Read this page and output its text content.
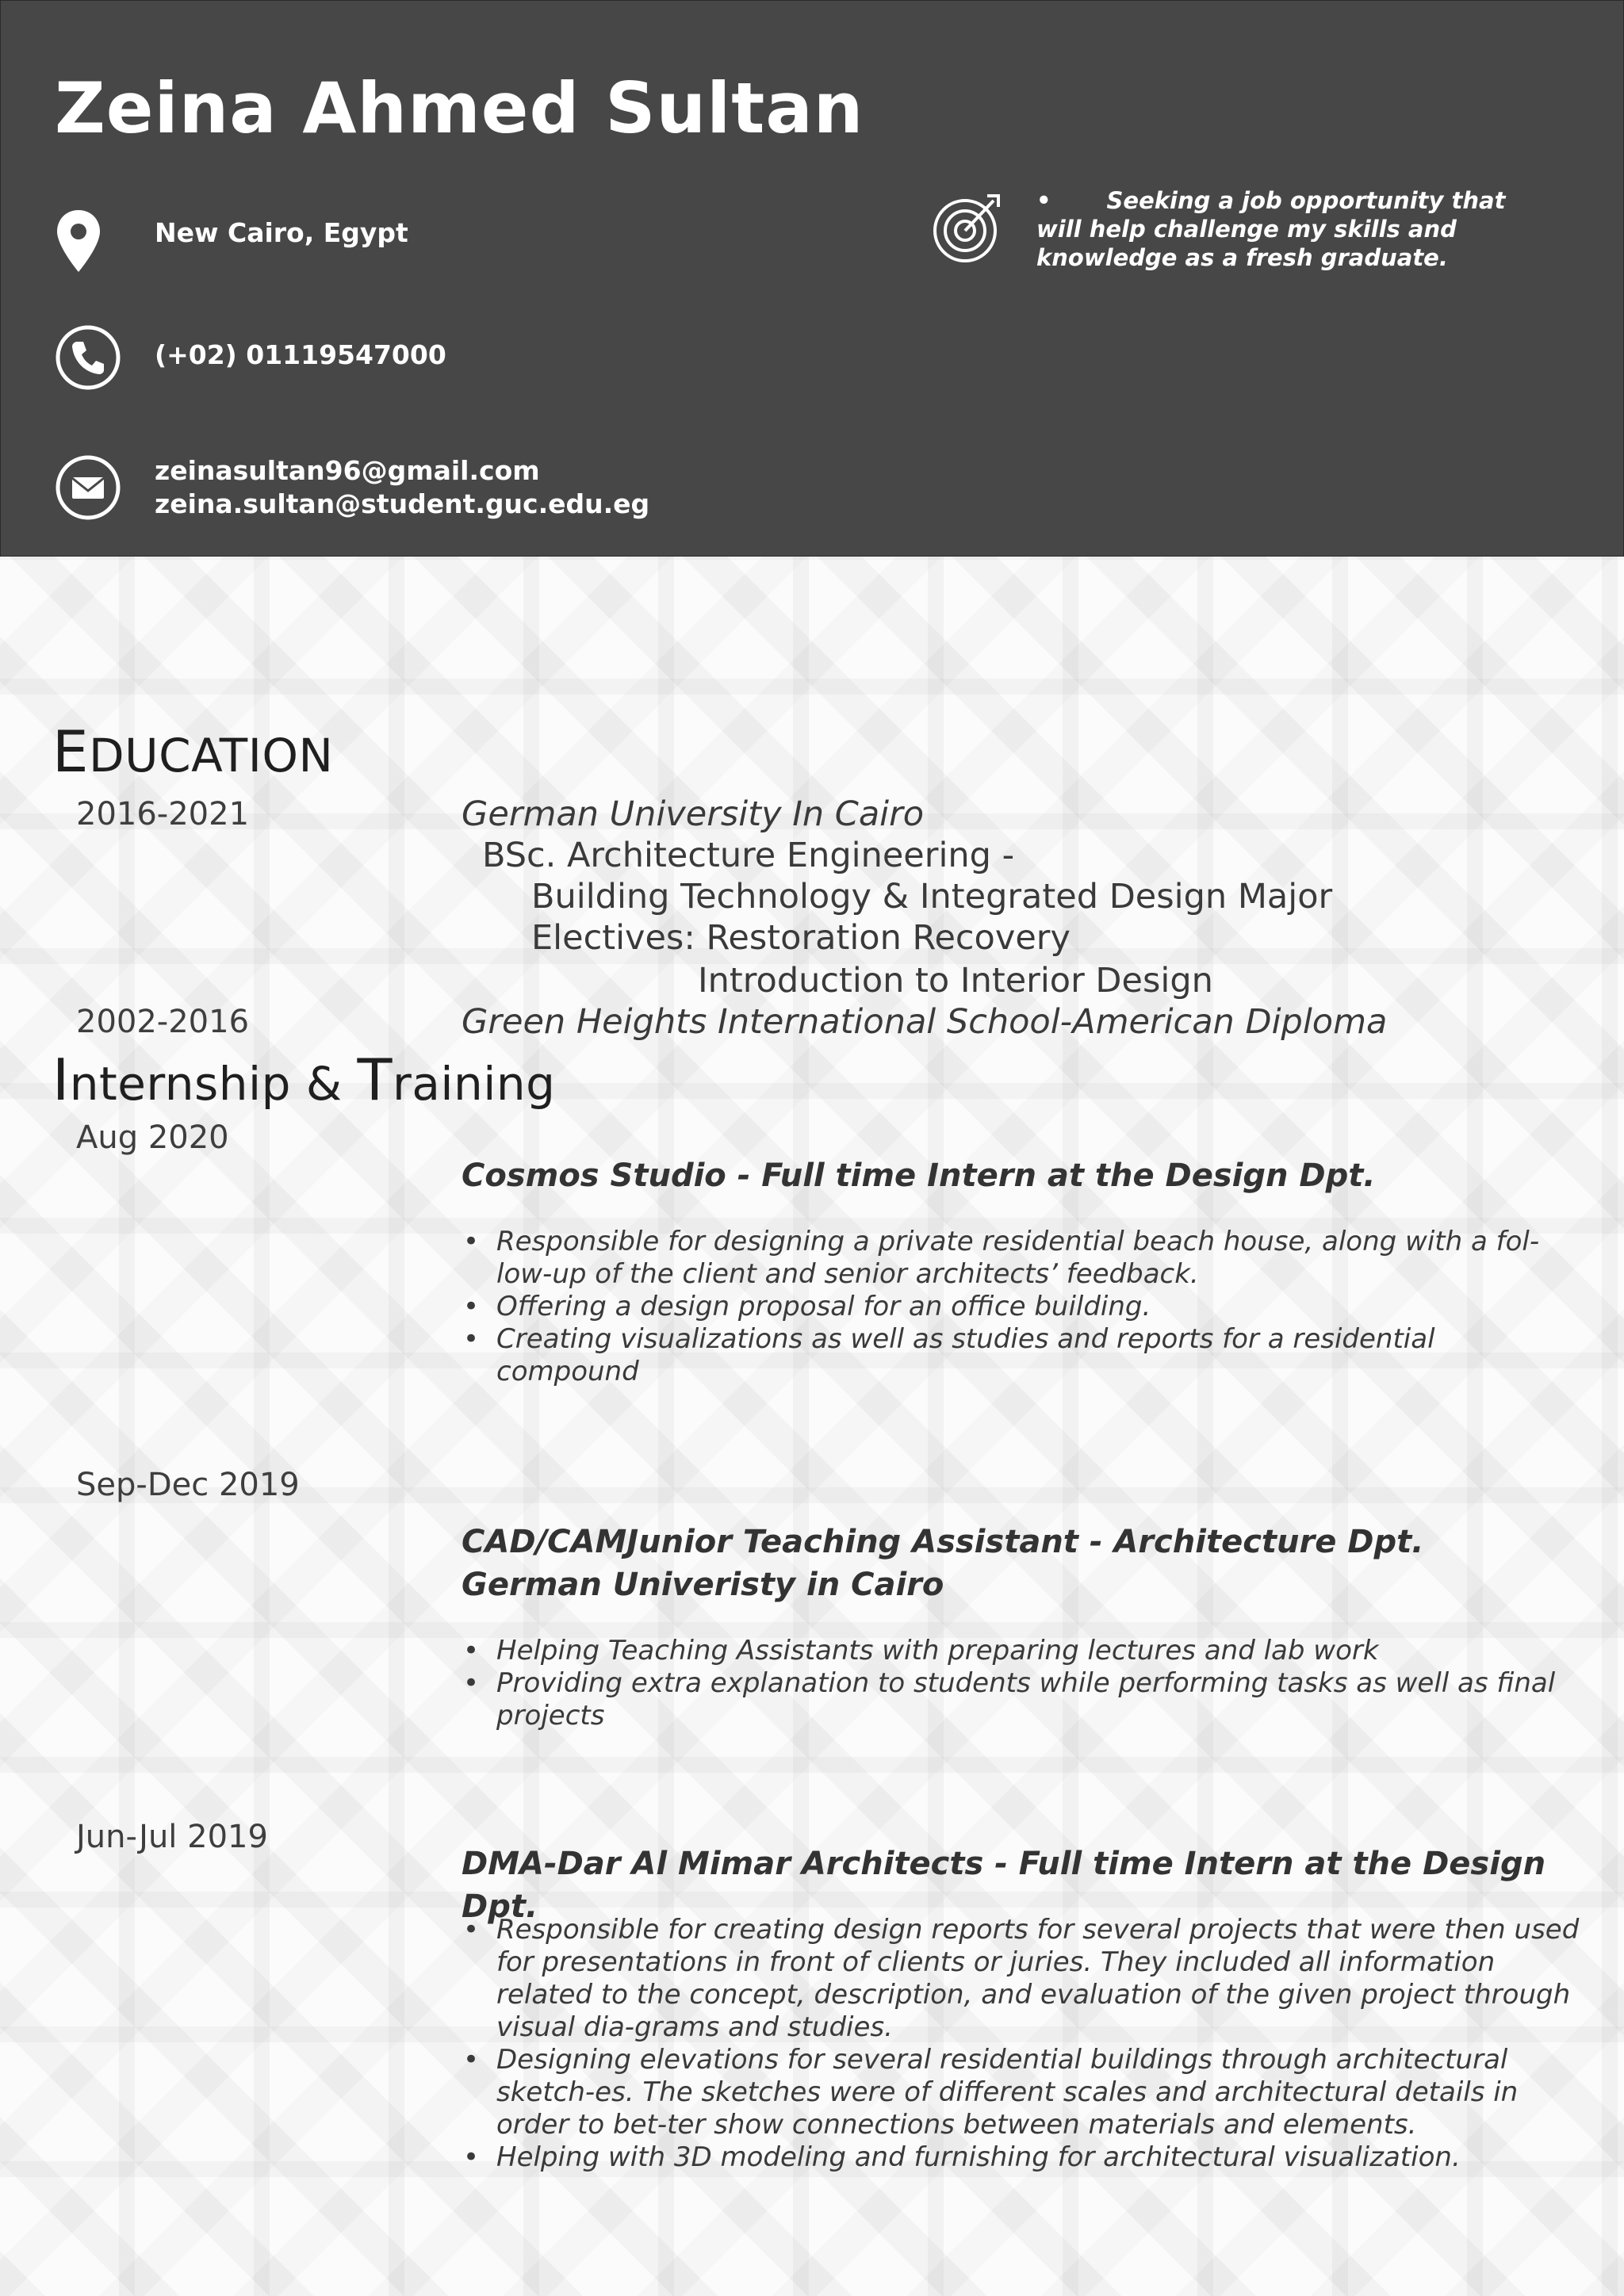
Zeina Ahmed Sultan
New Cairo, Egypt
(+02) 01119547000
zeinasultan96@gmail.com
zeina.sultan@student.guc.edu.eg
• Seeking a job opportunity that will help challenge my skills and knowledge as a fresh graduate.
EDUCATION
2016-2021	German University In Cairo
BSc. Architecture Engineering -
Building Technology & Integrated Design Major
Electives: Restoration Recovery
Introduction to Interior Design
2002-2016	Green Heights International School-American Diploma
Internship & Training
Aug 2020
Cosmos Studio - Full time Intern at the Design Dpt.
• Responsible for designing a private residential beach house, along with a fol-low-up of the client and senior architects’ feedback.
• Offering a design proposal for an office building.
• Creating visualizations as well as studies and reports for a residential compound
Sep-Dec 2019
CAD/CAMJunior Teaching Assistant - Architecture Dpt. German Univeristy in Cairo
• Helping Teaching Assistants with preparing lectures and lab work
• Providing extra explanation to students while performing tasks as well as final projects
Jun-Jul 2019
DMA-Dar Al Mimar Architects - Full time Intern at the Design Dpt.
• Responsible for creating design reports for several projects that were then used for presentations in front of clients or juries. They included all information related to the concept, description, and evaluation of the given project through visual dia-grams and studies.
• Designing elevations for several residential buildings through architectural sketch-es. The sketches were of different scales and architectural details in order to bet-ter show connections between materials and elements.
• Helping with 3D modeling and furnishing for architectural visualization.
